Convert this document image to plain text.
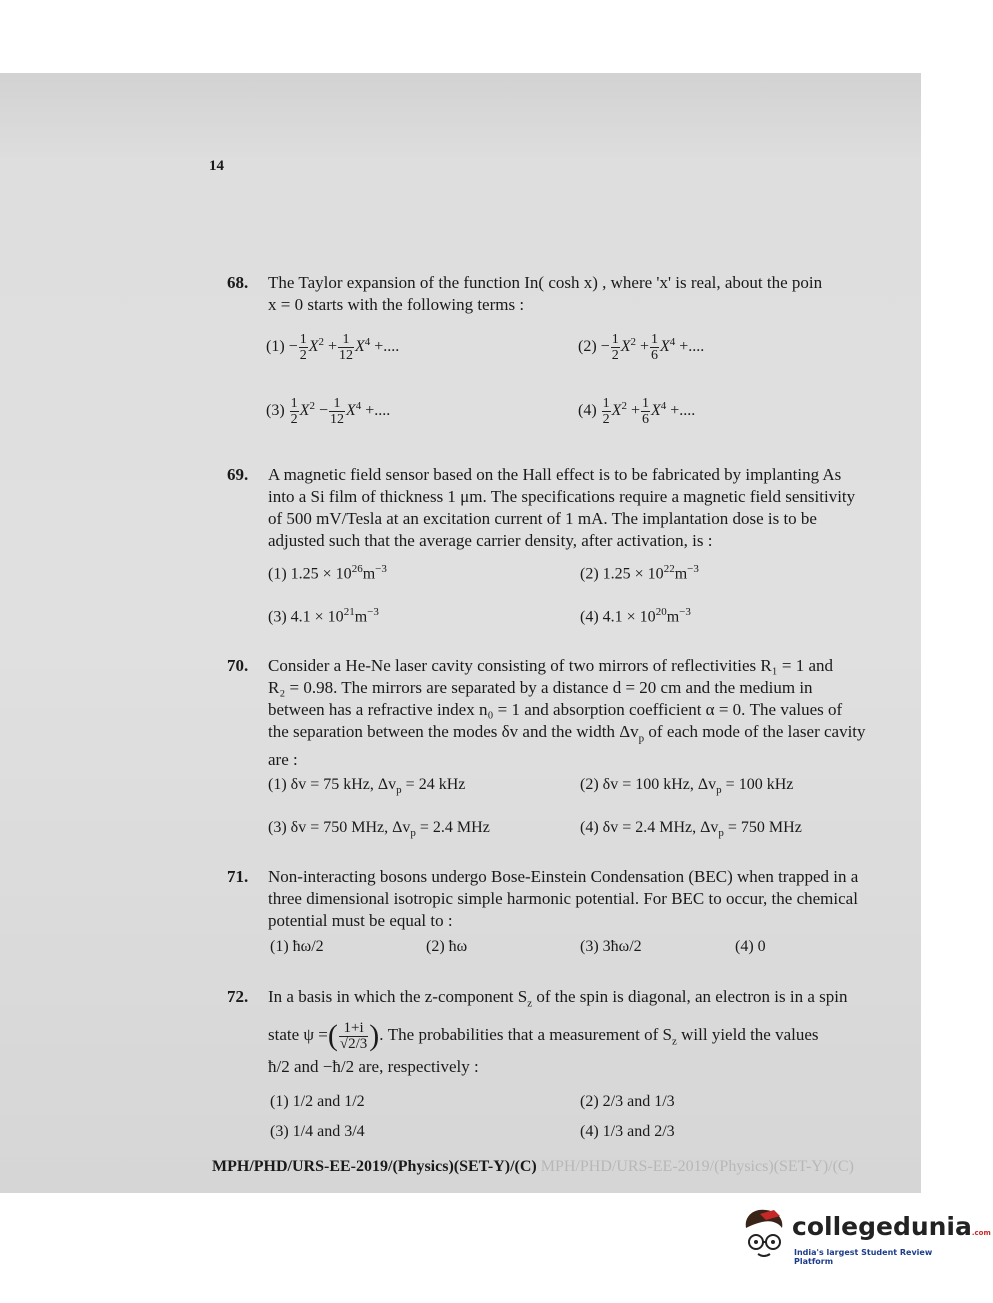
14
68. The Taylor expansion of the function In( cosh x) , where 'x' is real, about the poin
x = 0 starts with the following terms :
$(1) - \frac{1}{2} X^2 + \frac{1}{12} X^4$ +....	$(2) - \frac{1}{2} X^2 + \frac{1}{6} X^4$ +....
$(3) \frac{1}{2} X^2 - \frac{1}{12} X^4$ +....	$(4) \frac{1}{2} X^2 + \frac{1}{6} X^4$ +....
69. A magnetic field sensor based on the Hall effect is to be fabricated by implanting As
into a Si film of thickness 1 μm. The specifications require a magnetic field sensitivity
of 500 mV/Tesla at an excitation current of 1 mA. The implantation dose is to be
adjusted such that the average carrier density, after activation, is :
(1) $1.25 \times 10^{26}m^{-3}$	(2) $1.25 \times 10^{22}m^{-3}$
(3) $4.1 \times 10^{21}m^{-3}$	(4) $4.1 \times 10^{20}m^{-3}$
70. Consider a He-Ne laser cavity consisting of two mirrors of reflectivities R₁ = 1 and
R₂ = 0.98. The mirrors are separated by a distance d = 20 cm and the medium in
between has a refractive index n₀ = 1 and absorption coefficient α = 0. The values of
the separation between the modes δv and the width $\Delta v_p$ of each mode of the laser cavity
are :
(1) δv = 75 kHz, $\Delta v_p = 24$ kHz	(2) δv = 100 kHz, $\Delta v_p = 100$ kHz
(3) δv = 750 MHz, $\Delta v_p = 2.4$ MHz	(4) δv = 2.4 MHz, $\Delta v_p = 750$ MHz
71. Non-interacting bosons undergo Bose-Einstein Condensation (BEC) when trapped in a
three dimensional isotropic simple harmonic potential. For BEC to occur, the chemical
potential must be equal to :
(1) ħω/2	(2) ħω	(3) 3ħω/2	(4) 0
72. In a basis in which the z-component $S_z$ of the spin is diagonal, an electron is in a spin
state ψ =( $\frac{1+i}{√2/3}$ ). The probabilities that a measurement of $S_z$ will yield the values
ħ/2 and −ħ/2 are, respectively :
(1) 1/2 and 1/2	(2) 2/3 and 1/3
(3) 1/4 and 3/4	(4) 1/3 and 2/3
MPH/PHD/URS-EE-2019/(Physics)(SET-Y)/(C) MPH/PHD/URS-EE-2019/(Physics)(SET-Y)/(C)
collegedunia.com
India's largest Student Review Platform
